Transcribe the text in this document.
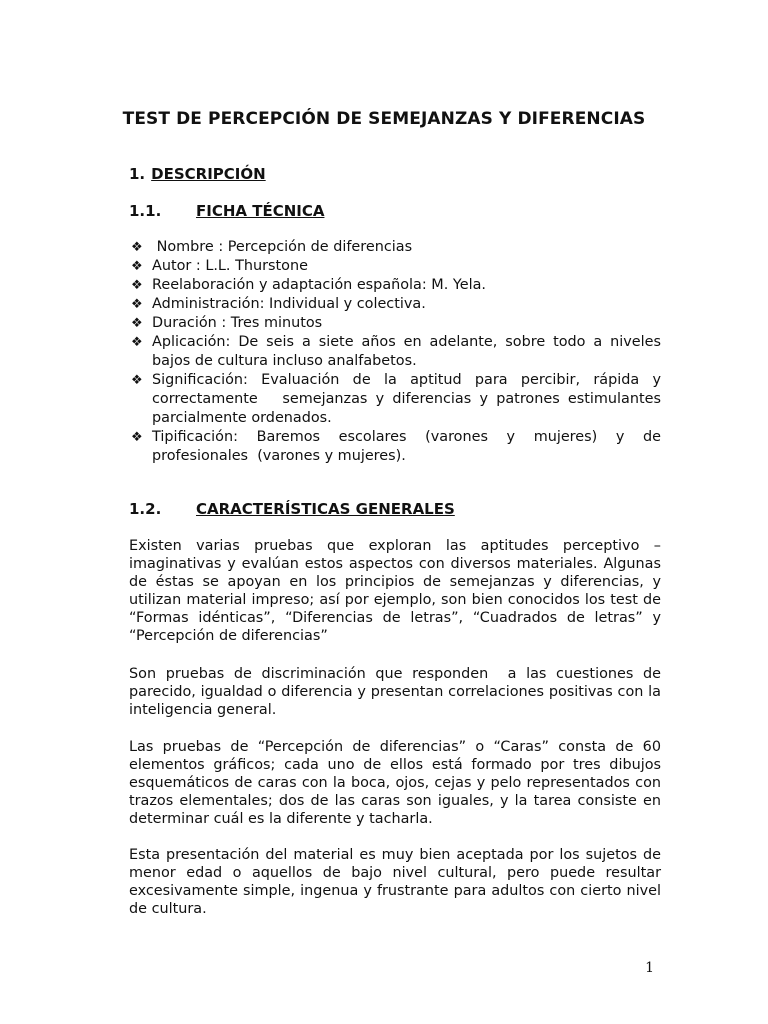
TEST DE PERCEPCIÓN DE SEMEJANZAS Y DIFERENCIAS
1. DESCRIPCIÓN
1.1. FICHA TÉCNICA
❖ Nombre : Percepción de diferencias
❖ Autor : L.L. Thurstone
❖ Reelaboración y adaptación española: M. Yela.
❖ Administración: Individual y colectiva.
❖ Duración : Tres minutos
❖ Aplicación: De seis a siete años en adelante, sobre todo a niveles bajos de cultura incluso analfabetos.
❖ Significación: Evaluación de la aptitud para percibir, rápida y correctamente   semejanzas y diferencias y patrones estimulantes parcialmente ordenados.
❖ Tipificación: Baremos escolares (varones y mujeres) y de profesionales  (varones y mujeres).
1.2. CARACTERÍSTICAS GENERALES

Existen varias pruebas que exploran las aptitudes perceptivo –imaginativas y evalúan estos aspectos con diversos materiales. Algunas de éstas se apoyan en los principios de semejanzas y diferencias, y utilizan material impreso; así por ejemplo, son bien conocidos los test de “Formas idénticas”, “Diferencias de letras”, “Cuadrados de letras” y “Percepción de diferencias”

Son pruebas de discriminación que responden  a las cuestiones de parecido, igualdad o diferencia y presentan correlaciones positivas con la inteligencia general.

Las pruebas de “Percepción de diferencias” o “Caras” consta de 60 elementos gráficos; cada uno de ellos está formado por tres dibujos esquemáticos de caras con la boca, ojos, cejas y pelo representados con trazos elementales; dos de las caras son iguales, y la tarea consiste en determinar cuál es la diferente y tacharla.

Esta presentación del material es muy bien aceptada por los sujetos de menor edad o aquellos de bajo nivel cultural, pero puede resultar excesivamente simple, ingenua y frustrante para adultos con cierto nivel de cultura.

1
